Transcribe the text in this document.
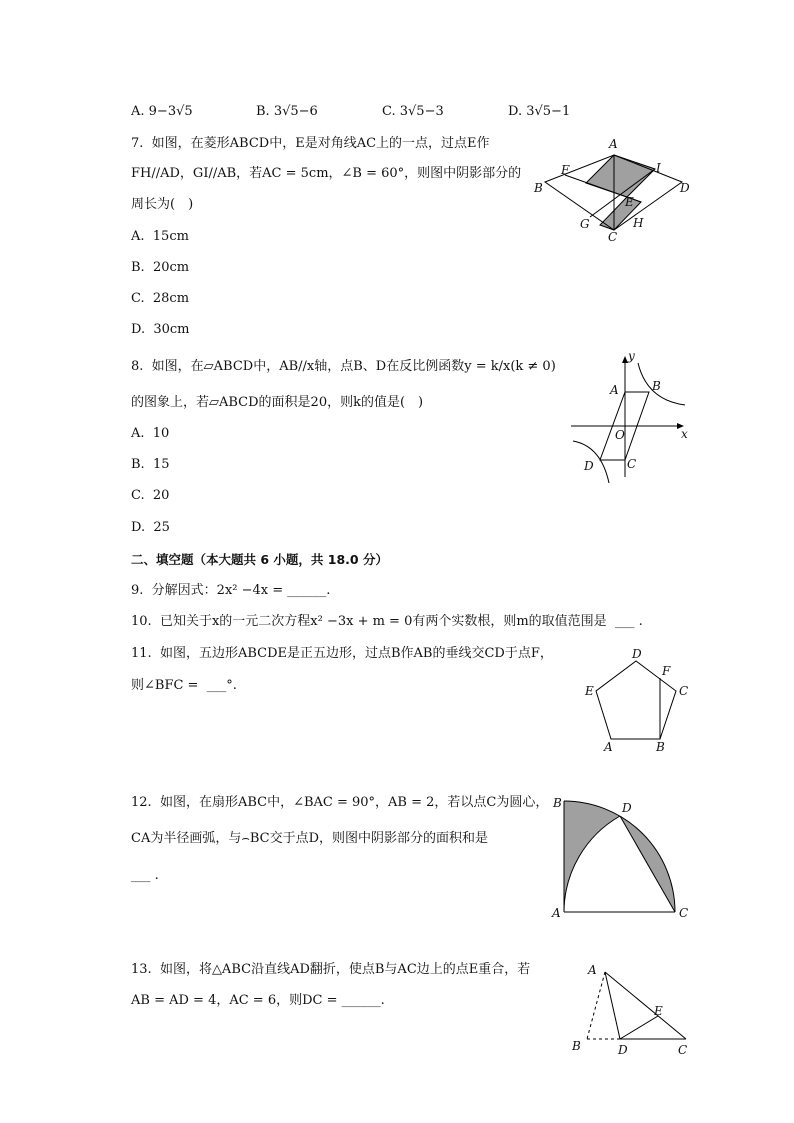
A. 9−3√5	B. 3√5−6	C. 3√5−3	D. 3√5−1
7.  如图，在菱形ABCD中，E是对角线AC上的一点，过点E作
FH//AD，GI//AB，若AC = 5cm，∠B = 60°，则图中阴影部分的
周长为(　)
A.  15cm
B.  20cm
C.  28cm
D.  30cm
A
B
C
D
E
F
G	H
I
8.  如图，在▱ABCD中，AB//x轴，点B、D在反比例函数y = k/x(k ≠ 0)
的图象上，若▱ABCD的面积是20，则k的值是(　)
A.  10
B.  15
C.  20
D.  25
y
x
O
A	B
C
D
二、填空题（本大题共 6 小题，共 18.0 分）
9.  分解因式：2x² −4x = ______.
10.  已知关于x的一元二次方程x² −3x + m = 0有两个实数根，则m的取值范围是  ___ .
11.  如图，五边形ABCDE是正五边形，过点B作AB的垂线交CD于点F，
则∠BFC =  ___°.
A	B
C
D
E
F
12.  如图，在扇形ABC中，∠BAC = 90°，AB = 2，若以点C为圆心，
CA为半径画弧，与⌢BC交于点D，则图中阴影部分的面积和是
___ .
A
B
C
D
13.  如图，将△ABC沿直线AD翻折，使点B与AC边上的点E重合，若
AB = AD = 4，AC = 6，则DC = ______.
A
B	C
D
E
